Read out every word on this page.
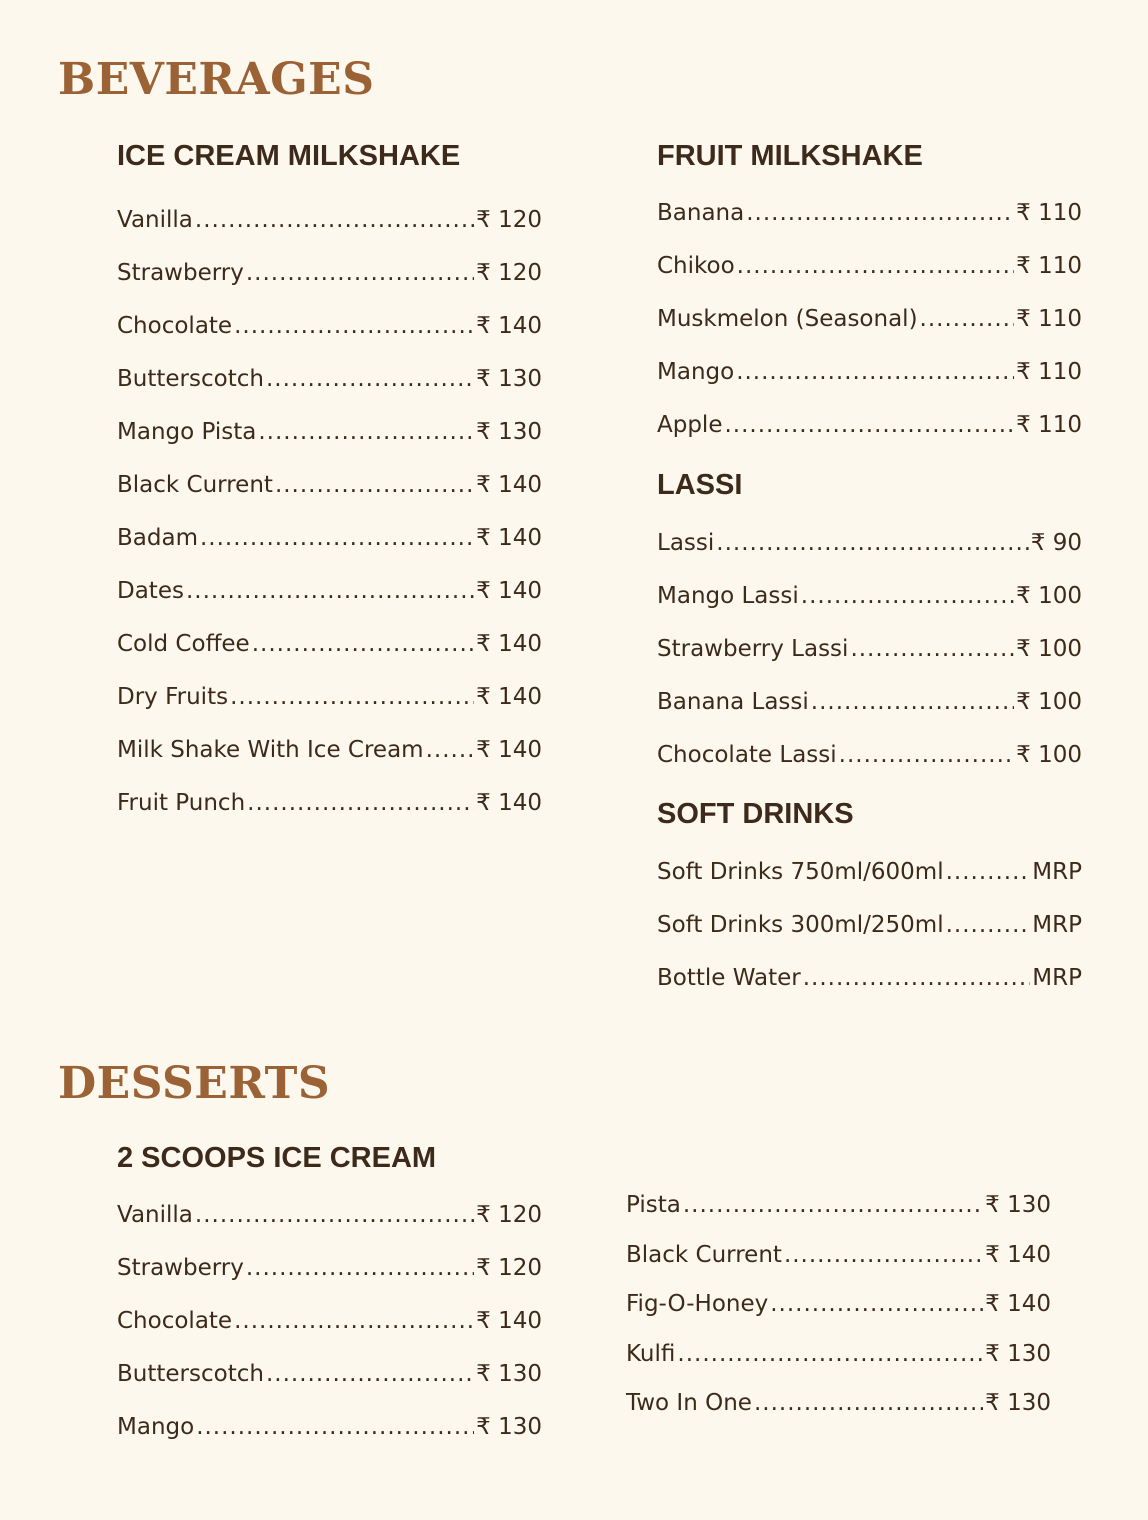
BEVERAGES
ICE CREAM MILKSHAKE
Vanilla .....	₹ 120
Strawberry .....	₹ 120
Chocolate .....	₹ 140
Butterscotch .....	₹ 130
Mango Pista .....	₹ 130
Black Current .....	₹ 140
Badam .....	₹ 140
Dates .....	₹ 140
Cold Coffee .....	₹ 140
Dry Fruits .....	₹ 140
Milk Shake With Ice Cream ..... ₹ 140
Fruit Punch .....	₹ 140
FRUIT MILKSHAKE
Banana .....	₹ 110
Chikoo .....	₹ 110
Muskmelon (Seasonal) .....	₹ 110
Mango .....	₹ 110
Apple .....	₹ 110
LASSI
Lassi .....	₹ 90
Mango Lassi .....	₹ 100
Strawberry Lassi .....	₹ 100
Banana Lassi .....	₹ 100
Chocolate Lassi .....	₹ 100
SOFT DRINKS
Soft Drinks 750ml/600ml .....	MRP
Soft Drinks 300ml/250ml .....	MRP
Bottle Water .....	MRP
DESSERTS
2 SCOOPS ICE CREAM
Vanilla .....	₹ 120
Strawberry .....	₹ 120
Chocolate .....	₹ 140
Butterscotch .....	₹ 130
Mango .....	₹ 130
Pista .....	₹ 130
Black Current .....	₹ 140
Fig-O-Honey .....	₹ 140
Kulfi .....	₹ 130
Two In One .....	₹ 130
